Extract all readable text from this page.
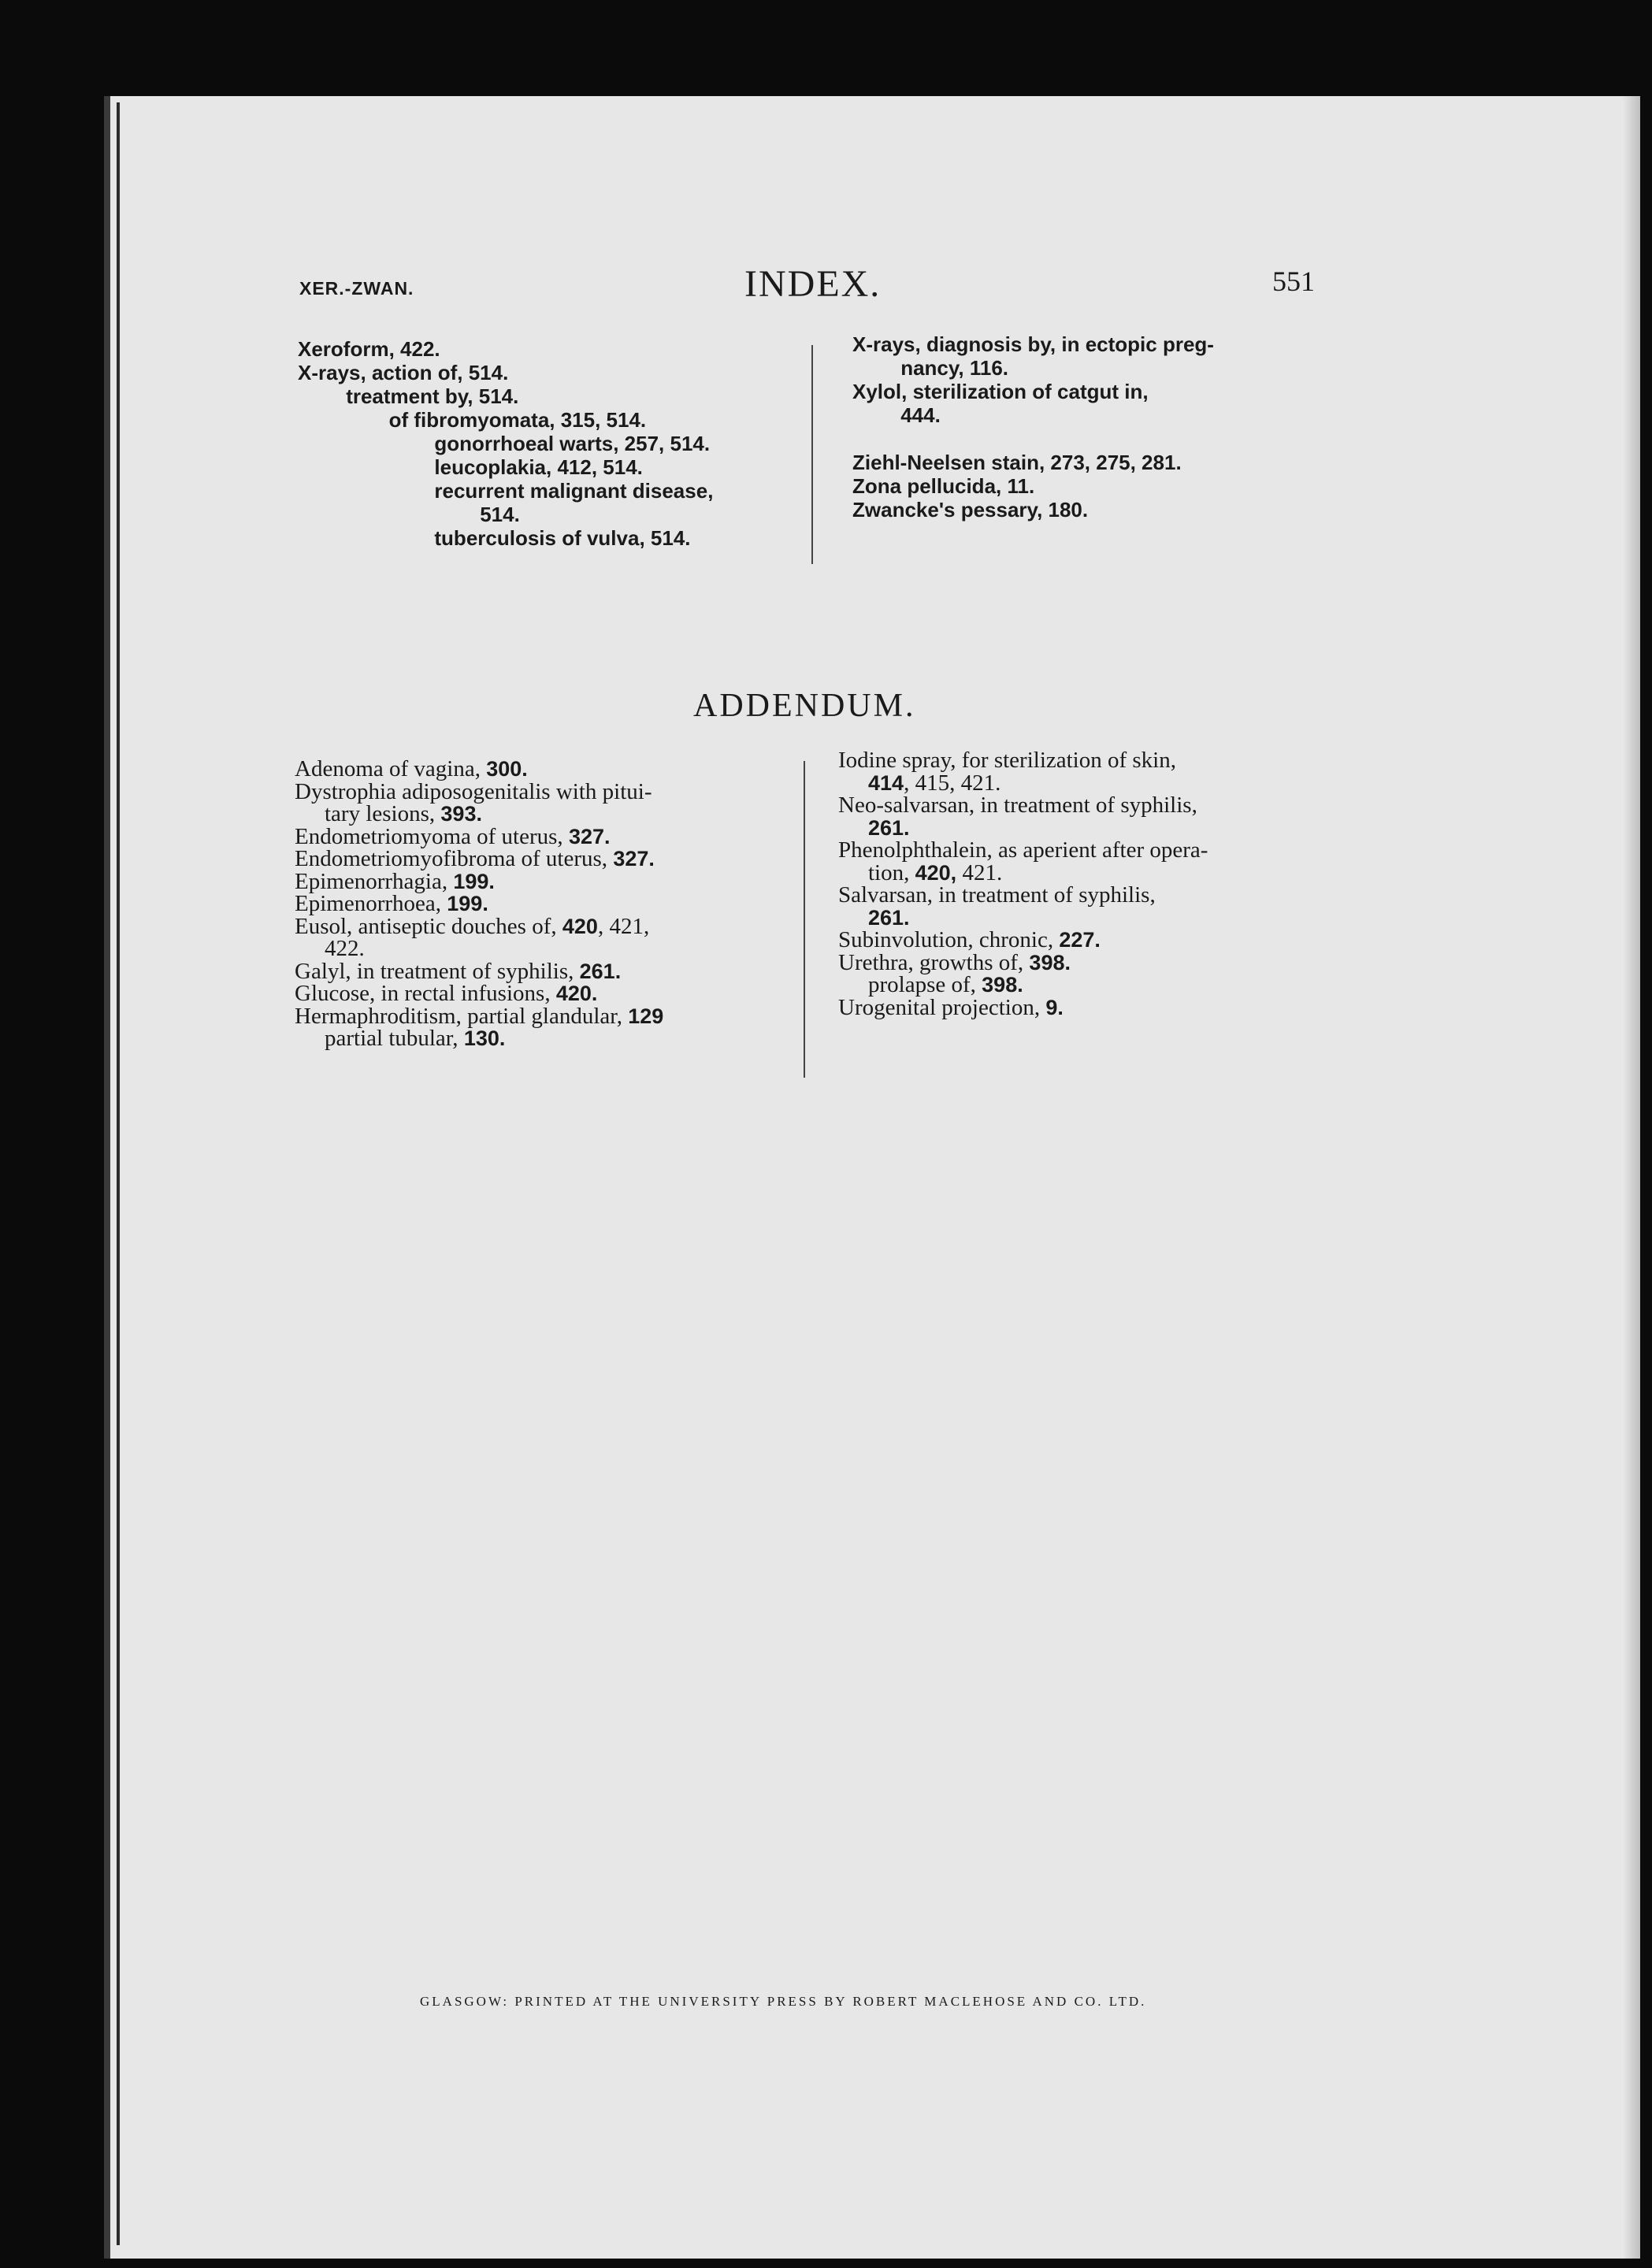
XER.-ZWAN.	INDEX.	551
Xeroform, 422.
X-rays, action of, 514.
treatment by, 514.
of fibromyomata, 315, 514.
gonorrhoeal warts, 257, 514.
leucoplakia, 412, 514.
recurrent malignant disease,
514.
tuberculosis of vulva, 514.
X-rays, diagnosis by, in ectopic preg-
nancy, 116.
Xylol, sterilization of catgut in,
444.
Ziehl-Neelsen stain, 273, 275, 281.
Zona pellucida, 11.
Zwancke's pessary, 180.
ADDENDUM.
Adenoma of vagina, 300.
Dystrophia adiposogenitalis with pitui-
tary lesions, 393.
Endometriomyoma of uterus, 327.
Endometriomyofibroma of uterus, 327.
Epimenorrhagia, 199.
Epimenorrhoea, 199.
Eusol, antiseptic douches of, 420, 421,
422.
Galyl, in treatment of syphilis, 261.
Glucose, in rectal infusions, 420.
Hermaphroditism, partial glandular, 129
partial tubular, 130.
Iodine spray, for sterilization of skin,
414, 415, 421.
Neo-salvarsan, in treatment of syphilis,
261.
Phenolphthalein, as aperient after opera-
tion, 420, 421.
Salvarsan, in treatment of syphilis,
261.
Subinvolution, chronic, 227.
Urethra, growths of, 398.
prolapse of, 398.
Urogenital projection, 9.
GLASGOW: PRINTED AT THE UNIVERSITY PRESS BY ROBERT MACLEHOSE AND CO. LTD.
